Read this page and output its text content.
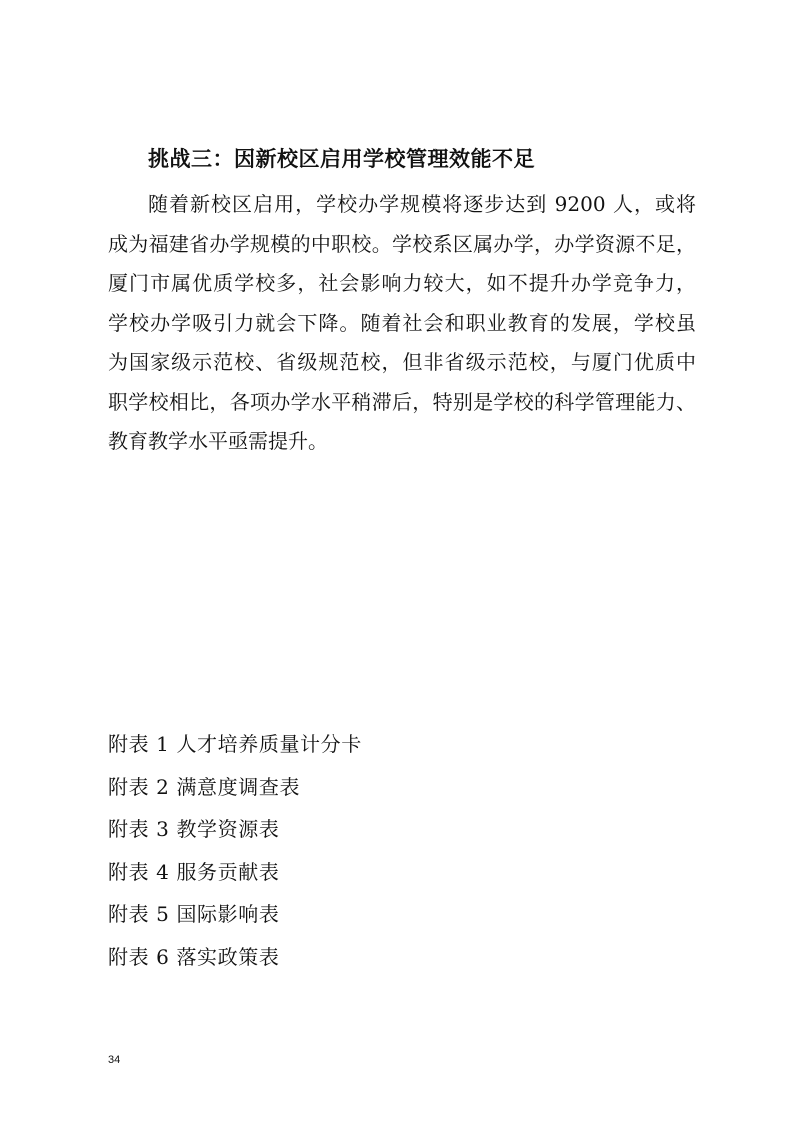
挑战三：因新校区启用学校管理效能不足
随着新校区启用，学校办学规模将逐步达到 9200 人，或将
成为福建省办学规模的中职校。学校系区属办学，办学资源不足，
厦门市属优质学校多，社会影响力较大，如不提升办学竞争力，
学校办学吸引力就会下降。随着社会和职业教育的发展，学校虽
为国家级示范校、省级规范校，但非省级示范校，与厦门优质中
职学校相比，各项办学水平稍滞后，特别是学校的科学管理能力、
教育教学水平亟需提升。
附表 1 人才培养质量计分卡
附表 2 满意度调查表
附表 3 教学资源表
附表 4 服务贡献表
附表 5 国际影响表
附表 6 落实政策表
34
